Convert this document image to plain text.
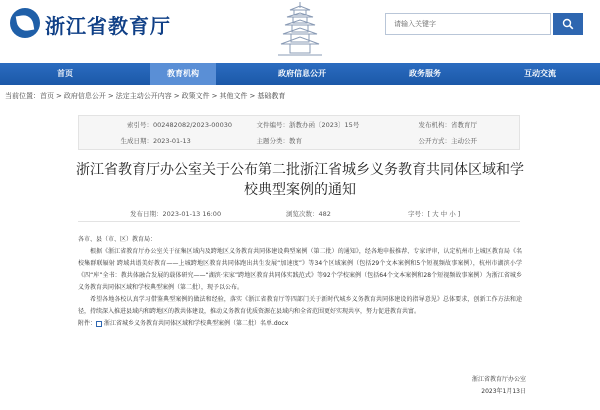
浙江省教育厅	请输入关键字
首页	教育机构	政府信息公开	政务服务	互动交流
当前位置：首页 > 政府信息公开 > 法定主动公开内容 > 政策文件 > 其他文件 > 基础教育
索引号： 002482082/2023-00030	文件编号： 浙教办函〔2023〕15号	发布机构： 省教育厅
生成日期： 2023-01-13	主题分类： 教育	公开方式： 主动公开
浙江省教育厅办公室关于公布第二批浙江省城乡义务教育共同体区域和学校典型案例的通知
发布日期：2023-01-13 16:00	浏览次数：482	字号：[ 大 中 小 ]

各市、县（市、区）教育局：

根据《浙江省教育厅办公室关于征集区域内及跨地区义务教育共同体建设典型案例（第二批）的通知》，经各地申报推荐、专家评审，认定杭州市上城区教育局《名校集群联辐射 跨域共谱美好教育——上城跨地区教育共同体跑出共生发展“加速度”》等34个区域案例（包括29个文本案例和5个短视频故事案例），杭州市湖滨小学《四“库”全书：教共体融合发展的载体研究——“湖滨·宋家”跨地区教育共同体实践范式》等92个学校案例（包括64个文本案例和28个短视频故事案例）为浙江省城乡义务教育共同体区域和学校典型案例（第二批），现予以公布。

希望各地各校认真学习借鉴典型案例的做法和经验，落实《浙江省教育厅等四部门关于新时代城乡义务教育共同体建设的指导意见》总体要求，创新工作方法和途径，持续深入推进县域内和跨地区的教共体建设，推动义务教育优质资源在县域内和全省范围更好实现共享，努力促进教育共富。

附件： 浙江省城乡义务教育共同体区域和学校典型案例（第二批）名单.docx

浙江省教育厅办公室
2023年1月13日
